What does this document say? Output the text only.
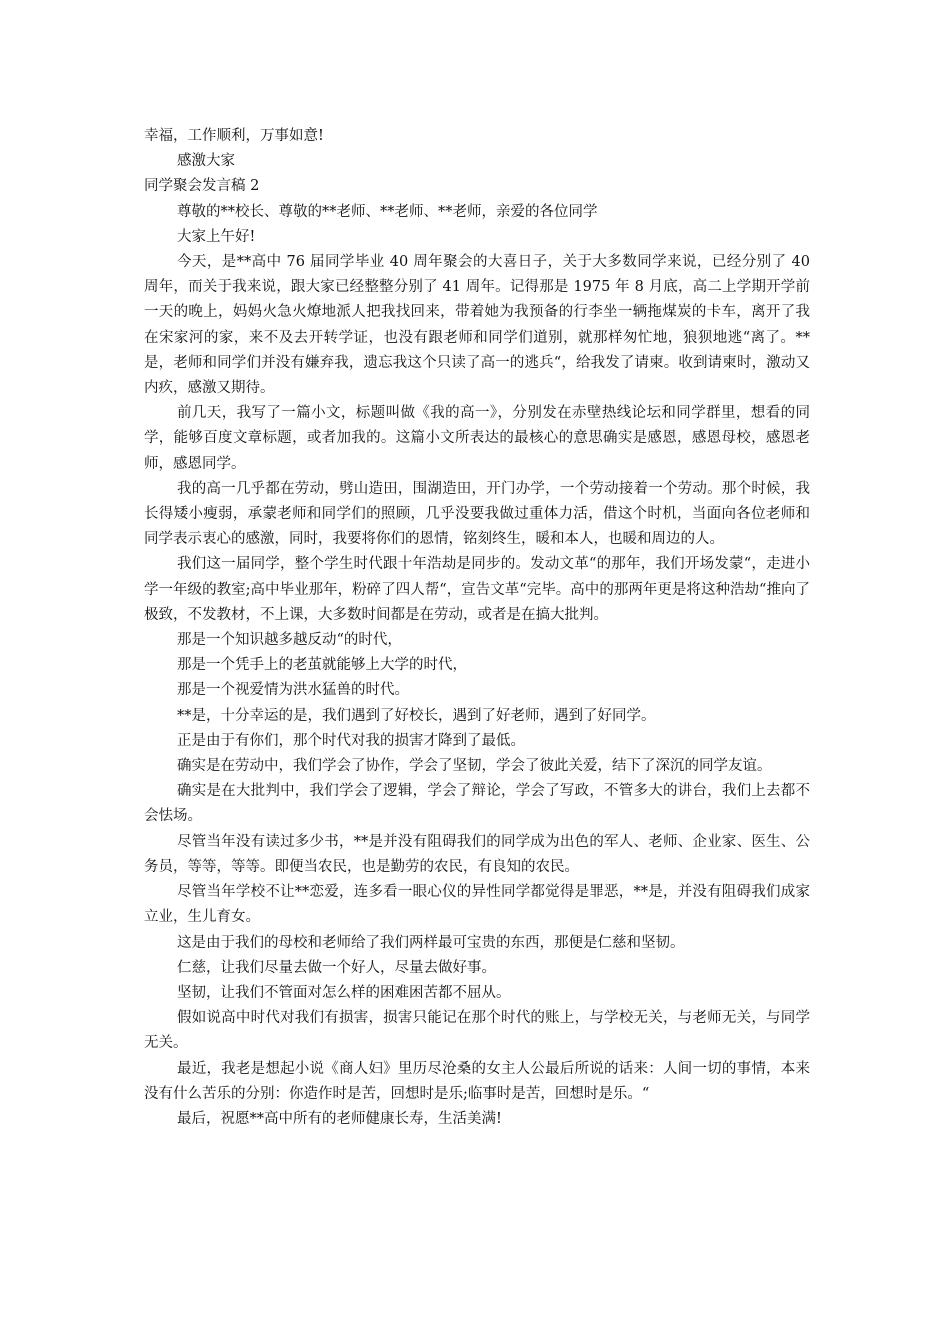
幸福，工作顺利，万事如意!

感激大家

同学聚会发言稿 2

尊敬的**校长、尊敬的**老师、**老师、**老师，亲爱的各位同学

大家上午好!

今天，是**高中 76 届同学毕业 40 周年聚会的大喜日子，关于大多数同学来说，已经分别了 40 周年，而关于我来说，跟大家已经整整分别了 41 周年。记得那是 1975 年 8 月底，高二上学期开学前一天的晚上，妈妈火急火燎地派人把我找回来，带着她为我预备的行李坐一辆拖煤炭的卡车，离开了我在宋家河的家，来不及去开转学证，也没有跟老师和同学们道别，就那样匆忙地，狼狈地逃“离了。**是，老师和同学们并没有嫌弃我，遗忘我这个只读了高一的逃兵“，给我发了请柬。收到请柬时，激动又内疚，感激又期待。

前几天，我写了一篇小文，标题叫做《我的高一》，分别发在赤壁热线论坛和同学群里，想看的同学，能够百度文章标题，或者加我的。这篇小文所表达的最核心的意思确实是感恩，感恩母校，感恩老师，感恩同学。

我的高一几乎都在劳动，劈山造田，围湖造田，开门办学，一个劳动接着一个劳动。那个时候，我长得矮小瘦弱，承蒙老师和同学们的照顾，几乎没要我做过重体力活，借这个时机，当面向各位老师和同学表示衷心的感激，同时，我要将你们的恩情，铭刻终生，暖和本人，也暖和周边的人。

我们这一届同学，整个学生时代跟十年浩劫是同步的。发动文革“的那年，我们开场发蒙“，走进小学一年级的教室;高中毕业那年，粉碎了四人帮“，宣告文革“完毕。高中的那两年更是将这种浩劫“推向了极致，不发教材，不上课，大多数时间都是在劳动，或者是在搞大批判。

那是一个知识越多越反动“的时代，

那是一个凭手上的老茧就能够上大学的时代，

那是一个视爱情为洪水猛兽的时代。

**是，十分幸运的是，我们遇到了好校长，遇到了好老师，遇到了好同学。

正是由于有你们，那个时代对我的损害才降到了最低。

确实是在劳动中，我们学会了协作，学会了坚韧，学会了彼此关爱，结下了深沉的同学友谊。

确实是在大批判中，我们学会了逻辑，学会了辩论，学会了写政，不管多大的讲台，我们上去都不会怯场。

尽管当年没有读过多少书，**是并没有阻碍我们的同学成为出色的军人、老师、企业家、医生、公务员，等等，等等。即便当农民，也是勤劳的农民，有良知的农民。

尽管当年学校不让**恋爱，连多看一眼心仪的异性同学都觉得是罪恶，**是，并没有阻碍我们成家立业，生儿育女。

这是由于我们的母校和老师给了我们两样最可宝贵的东西，那便是仁慈和坚韧。

仁慈，让我们尽量去做一个好人，尽量去做好事。

坚韧，让我们不管面对怎么样的困难困苦都不屈从。

假如说高中时代对我们有损害，损害只能记在那个时代的账上，与学校无关，与老师无关，与同学无关。

最近，我老是想起小说《商人妇》里历尽沧桑的女主人公最后所说的话来：人间一切的事情，本来没有什么苦乐的分别：你造作时是苦，回想时是乐;临事时是苦，回想时是乐。“

最后，祝愿**高中所有的老师健康长寿，生活美满!
